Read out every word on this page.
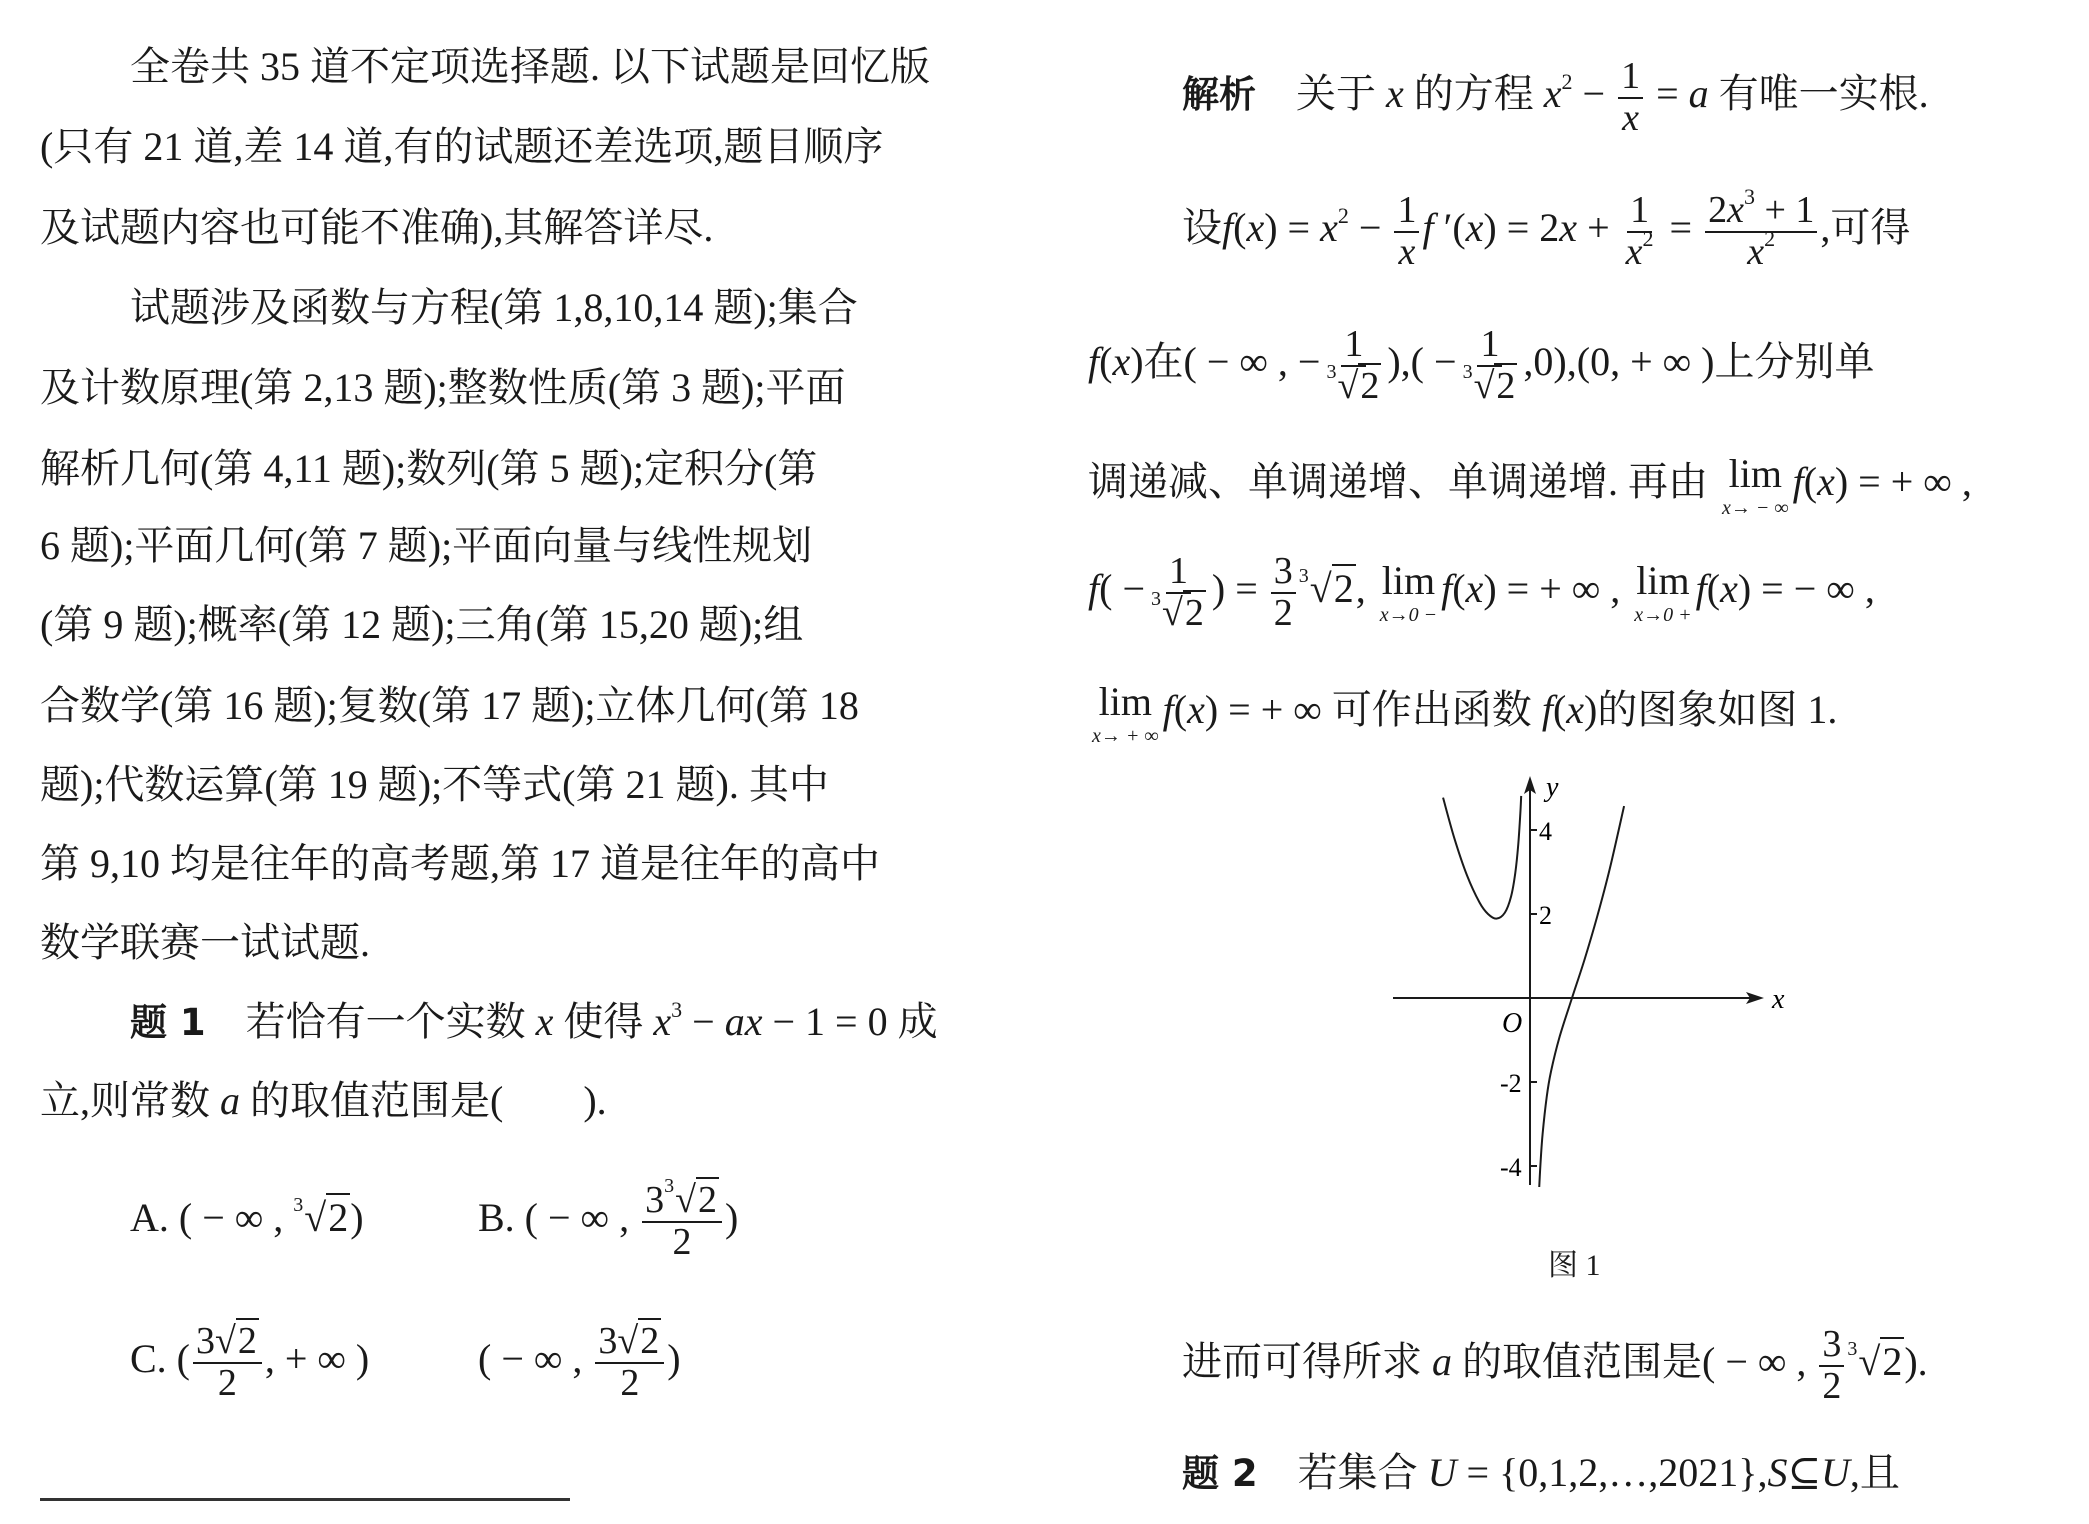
x
y
O
4
2
-2
-4
图 1
全卷共 35 道不定项选择题. 以下试题是回忆版
(只有 21 道,差 14 道,有的试题还差选项,题目顺序
及试题内容也可能不准确),其解答详尽.
试题涉及函数与方程(第 1,8,10,14 题);集合
及计数原理(第 2,13 题);整数性质(第 3 题);平面
解析几何(第 4,11 题);数列(第 5 题);定积分(第
6 题);平面几何(第 7 题);平面向量与线性规划
(第 9 题);概率(第 12 题);三角(第 15,20 题);组
合数学(第 16 题);复数(第 17 题);立体几何(第 18
题);代数运算(第 19 题);不等式(第 21 题). 其中
第 9,10 均是往年的高考题,第 17 道是往年的高中
数学联赛一试试题.
题 1　若恰有一个实数 x 使得 $x^3$ − ax − 1 = 0 成
立,则常数 a 的取值范围是(　　).
A. ( − ∞ , $^3$√2)	B. ( − ∞ , $\frac{3^3√2}{2}$ )
C. ( $\frac{3√2}{2}$ , + ∞ )	( − ∞ , $\frac{3√2}{2}$ )
解析　关于 x 的方程 $x^2 - \frac{1}{x} = a$ 有唯一实根.
设$f(x) = x^2 - \frac{1}{x}$ f $'(x) = 2x + \frac{1}{x^2} = \frac{2x^3 + 1}{x^2}$ ,可得
f(x)在( − ∞ , − $\frac{1}{^3√2}$ ),( − $\frac{1}{^3√2} ,0),(0$, + ∞ )上分别单
调递减、单调递增、单调递增. 再由 lim
x→ − ∞
f(x) = + ∞ ,
$f( - \frac{1}{^3√2}$ ) = $\frac{3}{2} ^3√2$, lim
x→0 −
f(x) = + ∞ , lim
x→0 +
f(x) = − ∞ ,
lim
x→ + ∞
f(x) = + ∞ 可作出函数 f(x)的图象如图 1.
进而可得所求 a 的取值范围是( − ∞ , $\frac{3}{2} ^3√2$).
题 2　若集合 U = {0,1,2,…,2021},S⊆U,且
